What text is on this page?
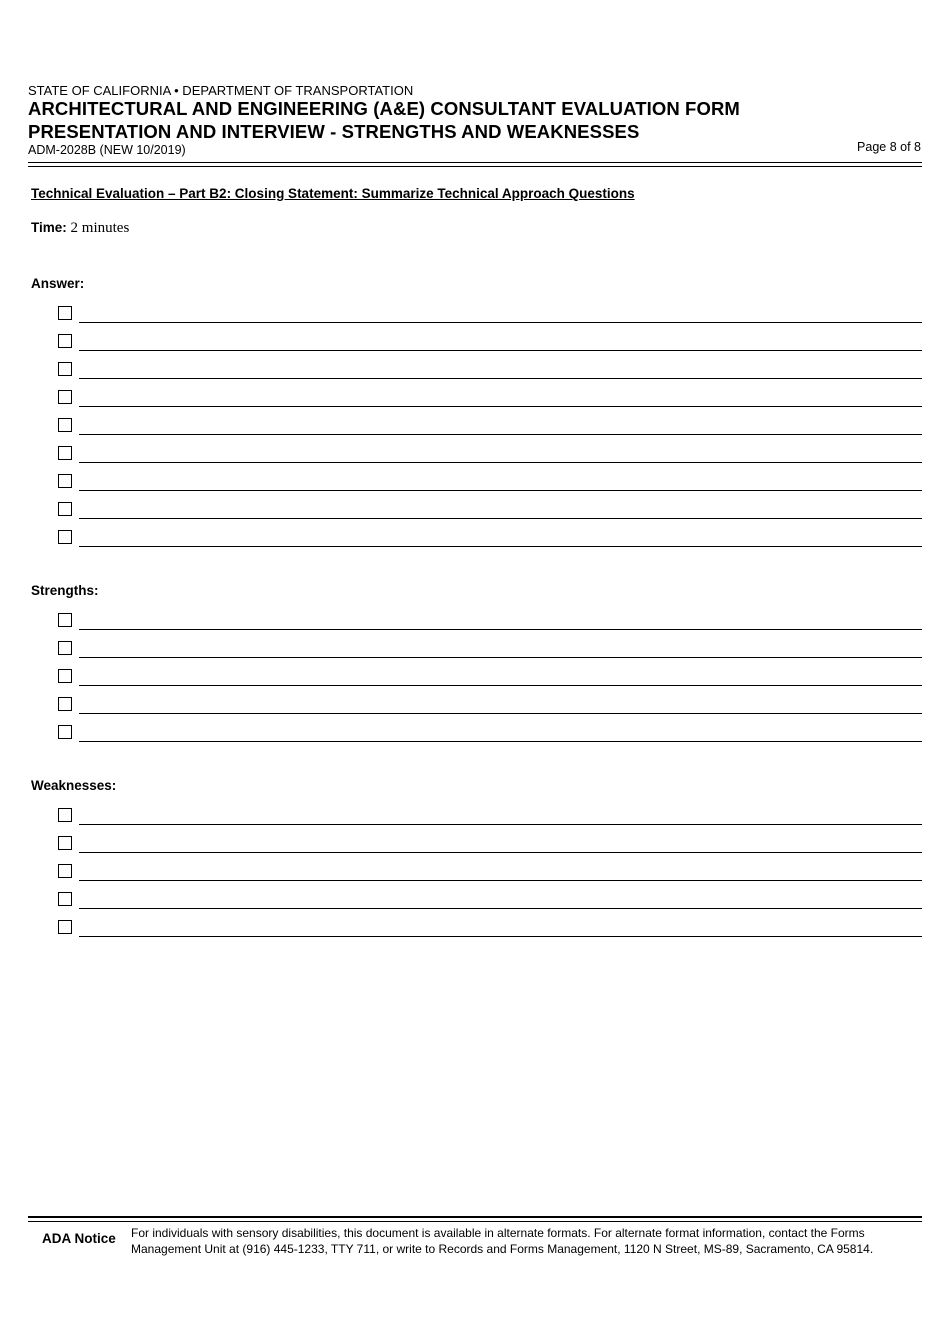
STATE OF CALIFORNIA • DEPARTMENT OF TRANSPORTATION
ARCHITECTURAL AND ENGINEERING (A&E) CONSULTANT EVALUATION FORM
PRESENTATION AND INTERVIEW - STRENGTHS AND WEAKNESSES
ADM-2028B (NEW 10/2019)	Page 8 of 8
Technical Evaluation – Part B2: Closing Statement: Summarize Technical Approach Questions
Time: 2 minutes
Answer:
Strengths:
Weaknesses:
ADA Notice For individuals with sensory disabilities, this document is available in alternate formats. For alternate format information, contact the Forms
Management Unit at (916) 445-1233, TTY 711, or write to Records and Forms Management, 1120 N Street, MS-89, Sacramento, CA 95814.
